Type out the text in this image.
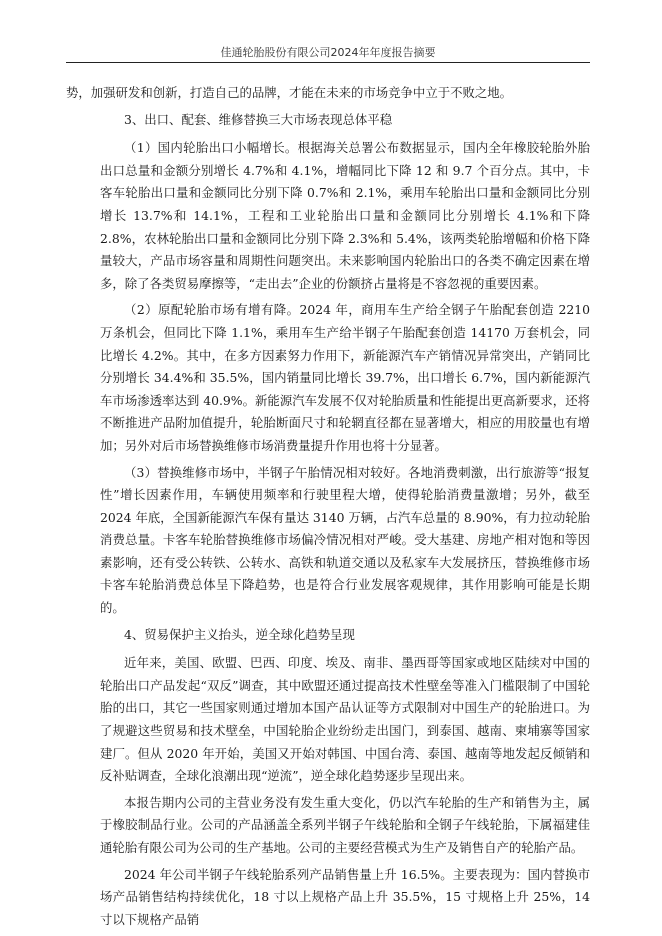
佳通轮胎股份有限公司2024年年度报告摘要

势，加强研发和创新，打造自己的品牌，才能在未来的市场竞争中立于不败之地。

3、出口、配套、维修替换三大市场表现总体平稳

（1）国内轮胎出口小幅增长。根据海关总署公布数据显示，国内全年橡胶轮胎外胎出口总量和金额分别增长 4.7%和 4.1%，增幅同比下降 12 和 9.7 个百分点。其中，卡客车轮胎出口量和金额同比分别下降 0.7%和 2.1%，乘用车轮胎出口量和金额同比分别增长 13.7%和 14.1%，工程和工业轮胎出口量和金额同比分别增长 4.1%和下降 2.8%，农林轮胎出口量和金额同比分别下降 2.3%和 5.4%，该两类轮胎增幅和价格下降量较大，产品市场容量和周期性问题突出。未来影响国内轮胎出口的各类不确定因素在增多，除了各类贸易摩擦等，“走出去”企业的份额挤占量将是不容忽视的重要因素。

（2）原配轮胎市场有增有降。2024 年，商用车生产给全钢子午胎配套创造 2210 万条机会，但同比下降 1.1%，乘用车生产给半钢子午胎配套创造 14170 万套机会，同比增长 4.2%。其中，在多方因素努力作用下，新能源汽车产销情况异常突出，产销同比分别增长 34.4%和 35.5%，国内销量同比增长 39.7%，出口增长 6.7%，国内新能源汽车市场渗透率达到 40.9%。新能源汽车发展不仅对轮胎质量和性能提出更高新要求，还将不断推进产品附加值提升，轮胎断面尺寸和轮辋直径都在显著增大，相应的用胶量也有增加；另外对后市场替换维修市场消费量提升作用也将十分显著。

（3）替换维修市场中，半钢子午胎情况相对较好。各地消费刺激，出行旅游等“报复性”增长因素作用，车辆使用频率和行驶里程大增，使得轮胎消费量激增；另外，截至 2024 年底，全国新能源汽车保有量达 3140 万辆，占汽车总量的 8.90%，有力拉动轮胎消费总量。卡客车轮胎替换维修市场偏冷情况相对严峻。受大基建、房地产相对饱和等因素影响，还有受公转铁、公转水、高铁和轨道交通以及私家车大发展挤压，替换维修市场卡客车轮胎消费总体呈下降趋势，也是符合行业发展客观规律，其作用影响可能是长期的。

4、贸易保护主义抬头，逆全球化趋势呈现

近年来，美国、欧盟、巴西、印度、埃及、南非、墨西哥等国家或地区陆续对中国的轮胎出口产品发起“双反”调查，其中欧盟还通过提高技术性壁垒等准入门槛限制了中国轮胎的出口，其它一些国家则通过增加本国产品认证等方式限制对中国生产的轮胎进口。为了规避这些贸易和技术壁垒，中国轮胎企业纷纷走出国门，到泰国、越南、柬埔寨等国家建厂。但从 2020 年开始，美国又开始对韩国、中国台湾、泰国、越南等地发起反倾销和反补贴调查，全球化浪潮出现“逆流”，逆全球化趋势逐步呈现出来。

本报告期内公司的主营业务没有发生重大变化，仍以汽车轮胎的生产和销售为主，属于橡胶制品行业。公司的产品涵盖全系列半钢子午线轮胎和全钢子午线轮胎，下属福建佳通轮胎有限公司为公司的生产基地。公司的主要经营模式为生产及销售自产的轮胎产品。

2024 年公司半钢子午线轮胎系列产品销售量上升 16.5%。主要表现为：国内替换市场产品销售结构持续优化，18 寸以上规格产品上升 35.5%，15 寸规格上升 25%，14 寸以下规格产品销
